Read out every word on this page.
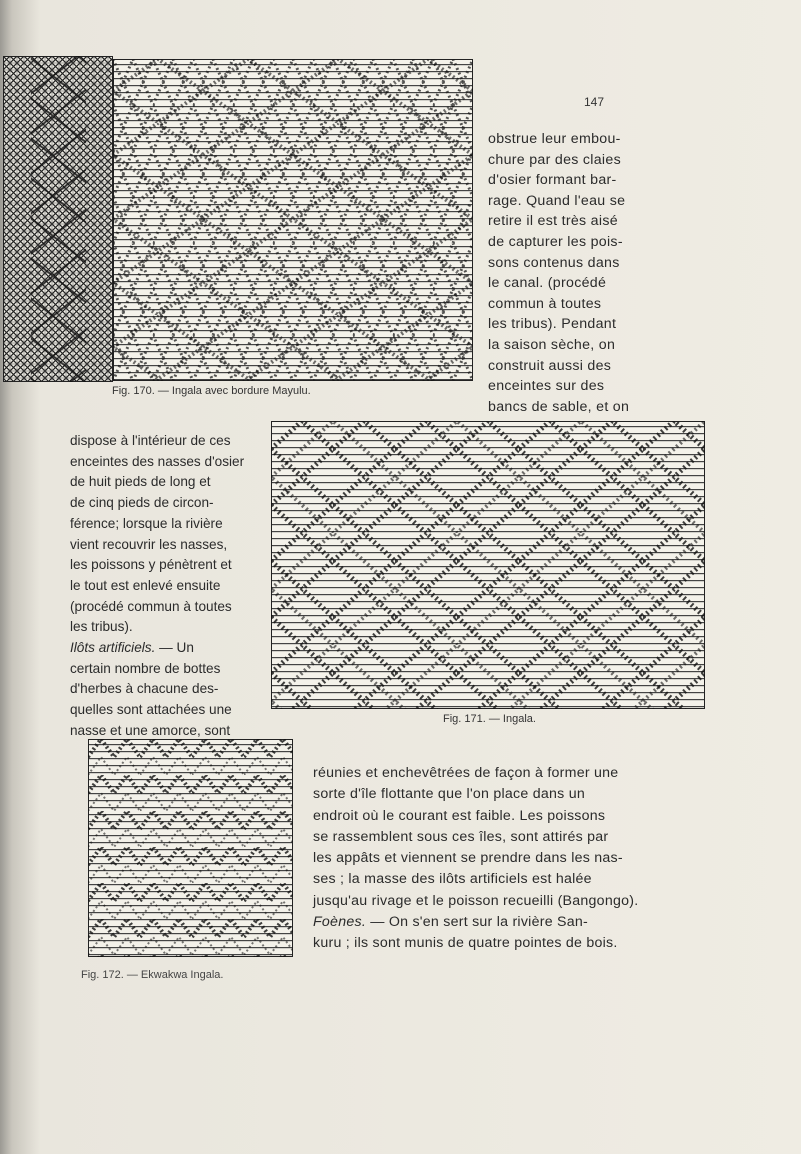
147
Fig. 170. — Ingala avec bordure Mayulu.

obstrue leur embou-

chure par des claies

d'osier formant bar-

rage. Quand l'eau se

retire il est très aisé

de capturer les pois-

sons contenus dans

le canal. (procédé

commun à toutes

les tribus). Pendant

la saison sèche, on

construit aussi des

enceintes sur des

bancs de sable, et on

Fig. 171. — Ingala.

dispose à l'intérieur de ces

enceintes des nasses d'osier

de huit pieds de long et

de cinq pieds de circon-

férence; lorsque la rivière

vient recouvrir les nasses,

les poissons y pénètrent et

le tout est enlevé ensuite

(procédé commun à toutes

les tribus).

Ilôts artificiels. — Un

certain nombre de bottes

d'herbes à chacune des-

quelles sont attachées une

nasse et une amorce, sont

Fig. 172. — Ekwakwa Ingala.

réunies et enchevêtrées de façon à former une

sorte d'île flottante que l'on place dans un

endroit où le courant est faible. Les poissons

se rassemblent sous ces îles, sont attirés par

les appâts et viennent se prendre dans les nas-

ses ; la masse des ilôts artificiels est halée

jusqu'au rivage et le poisson recueilli (Bangongo).

Foènes. — On s'en sert sur la rivière San-

kuru ; ils sont munis de quatre pointes de bois.
